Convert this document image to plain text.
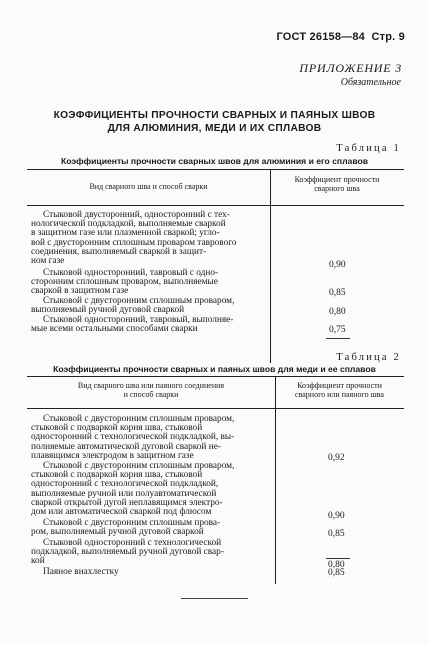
ГОСТ 26158—84 Стр. 9
ПРИЛОЖЕНИЕ 3
Обязательное
КОЭФФИЦИЕНТЫ ПРОЧНОСТИ СВАРНЫХ И ПАЯНЫХ ШВОВ
ДЛЯ АЛЮМИНИЯ, МЕДИ И ИХ СПЛАВОВ
Таблица 1
Коэффициенты прочности сварных швов для алюминия и его сплавов
Вид сварного шва и способ сварки
Коэффициент прочности
сварного шва
Стыковой двусторонний, односторонний с тех-
нологической подкладкой, выполняемые сваркой
в защитном газе или плазменной сваркой; угло-
вой с двусторонним сплошным проваром таврового
соединения, выполняемый сваркой в защит-
ном газе	0,90
Стыковой односторонний, тавровый с одно-
сторонним сплошным проваром, выполняемые
сваркой в защитном газе	0,85
Стыковой с двусторонним сплошным проваром,
выполняемый ручной дуговой сваркой	0,80
Стыковой односторонний, тавровый, выполняе-
мые всеми остальными способами сварки	0,75
Таблица 2
Коэффициенты прочности сварных и паяных швов для меди и ее сплавов
Вид сварного шва или паяного соединения
и способ сварки
Коэффициент прочности
сварного или паяного шва
Стыковой с двусторонним сплошным проваром,
стыковой с подваркой корня шва, стыковой
односторонний с технологической подкладкой, вы-
полняемые автоматической дуговой сваркой не-
плавящимся электродом в защитном газе	0,92
Стыковой с двусторонним сплошным проваром,
стыковой с подваркой корня шва, стыковой
односторонний с технологической подкладкой,
выполняемые ручной или полуавтоматической
сваркой открытой дугой неплавящимся электро-
дом или автоматической сваркой под флюсом	0,90
Стыковой с двусторонним сплошным прова-
ром, выполняемый ручной дуговой сваркой	0,85
Стыковой односторонний с технологической
подкладкой, выполняемый ручной дуговой свар-
кой	0,80
Паяное внахлестку	0,85
